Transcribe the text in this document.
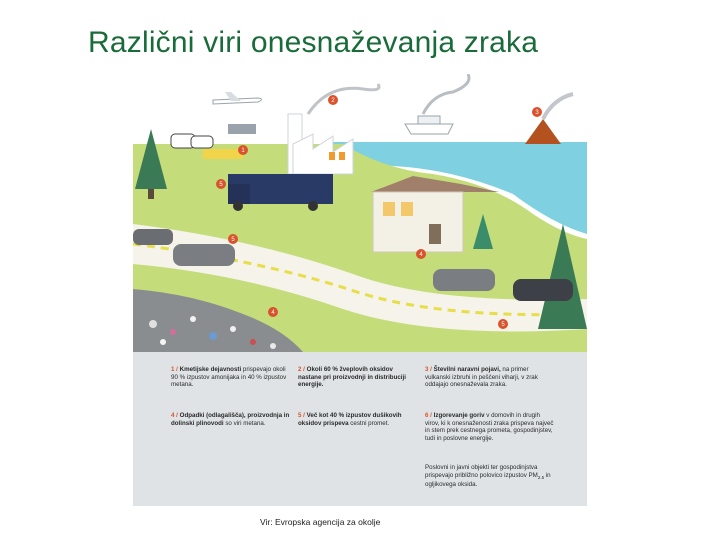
Različni viri onesnaževanja zraka
2
3
1
5
5
4
4
5
1 / Kmetijske dejavnosti prispevajo okoli 90 % izpustov amonijaka in 40 % izpustov metana.
2 / Okoli 60 % žveplovih oksidov nastane pri proizvodnji in distribuciji energije.
3 / Številni naravni pojavi, na primer vulkanski izbruhi in peščeni viharji, v zrak oddajajo onesnaževala zraka.
4 / Odpadki (odlagališča), proizvodnja in dolinski plinovodi so viri metana.
5 / Več kot 40 % izpustov dušikovih oksidov prispeva cestni promet.
6 / Izgorevanje goriv v domovih in drugih virov, ki k onesnaženosti zraka prispeva največ in stem prek cestnega prometa, gospodinjstev, tudi in poslovne energije.
Poslovni in javni objekti ter gospodinjstva prispevajo približno polovico izpustov $PM_{2.5}$ in ogljikovega oksida.
Vir: Evropska agencija za okolje
